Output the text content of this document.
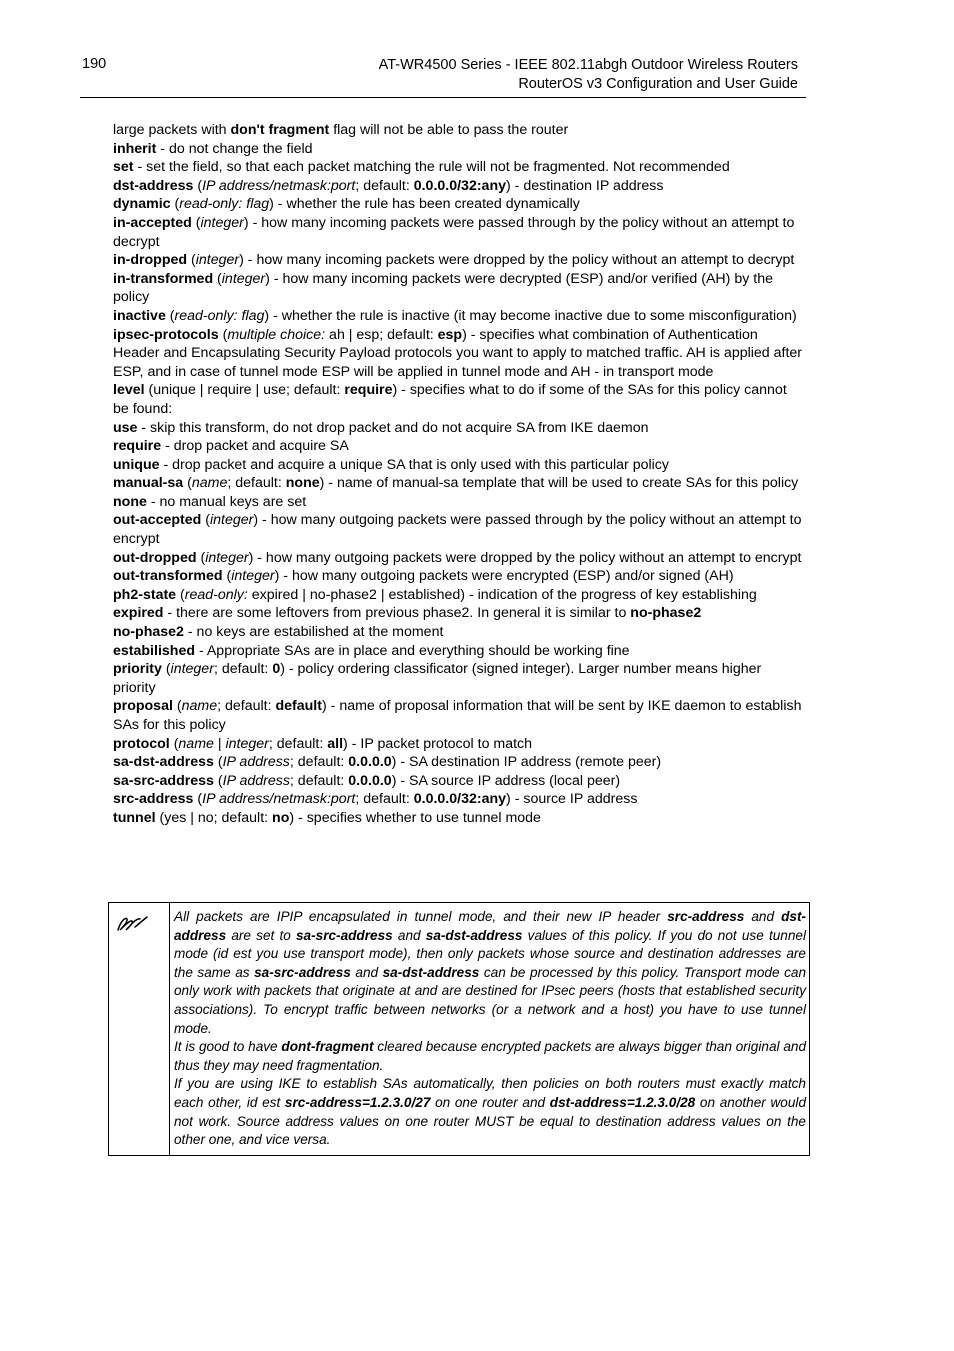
190	AT-WR4500 Series - IEEE 802.11abgh Outdoor Wireless Routers
RouterOS v3 Configuration and User Guide

large packets with don't fragment flag will not be able to pass the router

inherit - do not change the field

set - set the field, so that each packet matching the rule will not be fragmented. Not recommended

dst-address (IP address/netmask:port; default: 0.0.0.0/32:any) - destination IP address

dynamic (read-only: flag) - whether the rule has been created dynamically

in-accepted (integer) - how many incoming packets were passed through by the policy without an attempt to decrypt

in-dropped (integer) - how many incoming packets were dropped by the policy without an attempt to decrypt

in-transformed (integer) - how many incoming packets were decrypted (ESP) and/or verified (AH) by the policy

inactive (read-only: flag) - whether the rule is inactive (it may become inactive due to some misconfiguration)

ipsec-protocols (multiple choice: ah | esp; default: esp) - specifies what combination of Authentication Header and Encapsulating Security Payload protocols you want to apply to matched traffic. AH is applied after ESP, and in case of tunnel mode ESP will be applied in tunnel mode and AH - in transport mode

level (unique | require | use; default: require) - specifies what to do if some of the SAs for this policy cannot be found:

use - skip this transform, do not drop packet and do not acquire SA from IKE daemon

require - drop packet and acquire SA

unique - drop packet and acquire a unique SA that is only used with this particular policy

manual-sa (name; default: none) - name of manual-sa template that will be used to create SAs for this policy

none - no manual keys are set

out-accepted (integer) - how many outgoing packets were passed through by the policy without an attempt to encrypt

out-dropped (integer) - how many outgoing packets were dropped by the policy without an attempt to encrypt

out-transformed (integer) - how many outgoing packets were encrypted (ESP) and/or signed (AH)

ph2-state (read-only: expired | no-phase2 | established) - indication of the progress of key establishing

expired - there are some leftovers from previous phase2. In general it is similar to no-phase2

no-phase2 - no keys are estabilished at the moment

estabilished - Appropriate SAs are in place and everything should be working fine

priority (integer; default: 0) - policy ordering classificator (signed integer). Larger number means higher priority

proposal (name; default: default) - name of proposal information that will be sent by IKE daemon to establish SAs for this policy

protocol (name | integer; default: all) - IP packet protocol to match

sa-dst-address (IP address; default: 0.0.0.0) - SA destination IP address (remote peer)

sa-src-address (IP address; default: 0.0.0.0) - SA source IP address (local peer)

src-address (IP address/netmask:port; default: 0.0.0.0/32:any) - source IP address

tunnel (yes | no; default: no) - specifies whether to use tunnel mode

All packets are IPIP encapsulated in tunnel mode, and their new IP header src-address and dst-address are set to sa-src-address and sa-dst-address values of this policy. If you do not use tunnel mode (id est you use transport mode), then only packets whose source and destination addresses are the same as sa-src-address and sa-dst-address can be processed by this policy. Transport mode can only work with packets that originate at and are destined for IPsec peers (hosts that established security associations). To encrypt traffic between networks (or a network and a host) you have to use tunnel mode.

It is good to have dont-fragment cleared because encrypted packets are always bigger than original and thus they may need fragmentation.

If you are using IKE to establish SAs automatically, then policies on both routers must exactly match each other, id est src-address=1.2.3.0/27 on one router and dst-address=1.2.3.0/28 on another would not work. Source address values on one router MUST be equal to destination address values on the other one, and vice versa.
